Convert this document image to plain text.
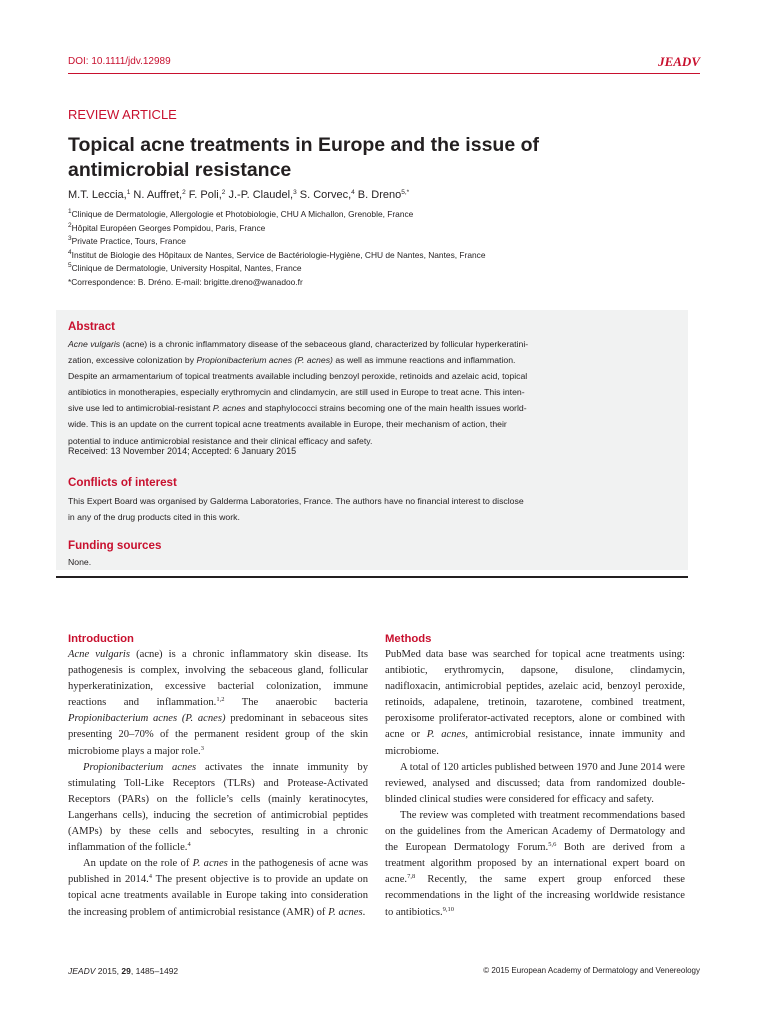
DOI: 10.1111/jdv.12989	JEADV
REVIEW ARTICLE
Topical acne treatments in Europe and the issue of antimicrobial resistance
M.T. Leccia,$^1$ N. Auffret,$^2$ F. Poli,$^2$ J.-P. Claudel,$^3$ S. Corvec,$^4$ B. Dreno$^{5,*}$
$^1$Clinique de Dermatologie, Allergologie et Photobiologie, CHU A Michallon, Grenoble, France
$^2$Hôpital Européen Georges Pompidou, Paris, France
$^3$Private Practice, Tours, France
$^4$Institut de Biologie des Hôpitaux de Nantes, Service de Bactériologie-Hygiène, CHU de Nantes, Nantes, France
$^5$Clinique de Dermatologie, University Hospital, Nantes, France
*Correspondence: B. Dréno. E-mail: brigitte.dreno@wanadoo.fr
Abstract
Acne vulgaris (acne) is a chronic inflammatory disease of the sebaceous gland, characterized by follicular hyperkeratini-
zation, excessive colonization by Propionibacterium acnes (P. acnes) as well as immune reactions and inflammation.
Despite an armamentarium of topical treatments available including benzoyl peroxide, retinoids and azelaic acid, topical
antibiotics in monotherapies, especially erythromycin and clindamycin, are still used in Europe to treat acne. This inten-
sive use led to antimicrobial-resistant P. acnes and staphylococci strains becoming one of the main health issues world-
wide. This is an update on the current topical acne treatments available in Europe, their mechanism of action, their
potential to induce antimicrobial resistance and their clinical efficacy and safety.
Received: 13 November 2014; Accepted: 6 January 2015
Conflicts of interest
This Expert Board was organised by Galderma Laboratories, France. The authors have no financial interest to disclose
in any of the drug products cited in this work.
Funding sources
None.
Introduction

Acne vulgaris (acne) is a chronic inflammatory skin disease. Its pathogenesis is complex, involving the sebaceous gland, follicular hyperkeratinization, excessive bacterial colonization, immune reactions and inflammation.$^{1,2}$ The anaerobic bacteria Propionibacterium acnes (P. acnes) predominant in sebaceous sites presenting 20–70% of the permanent resident group of the skin microbiome plays a major role.$^3$

Propionibacterium acnes activates the innate immunity by stimulating Toll-Like Receptors (TLRs) and Protease-Activated Receptors (PARs) on the follicle’s cells (mainly keratinocytes, Langerhans cells), inducing the secretion of antimicrobial peptides (AMPs) by these cells and sebocytes, resulting in a chronic inflammation of the follicle.$^4$

An update on the role of P. acnes in the pathogenesis of acne was published in 2014.$^4$ The present objective is to provide an update on topical acne treatments available in Europe taking into consideration the increasing problem of antimicrobial resistance (AMR) of P. acnes.

Methods

PubMed data base was searched for topical acne treatments using: antibiotic, erythromycin, dapsone, disulone, clindamycin, nadifloxacin, antimicrobial peptides, azelaic acid, benzoyl peroxide, retinoids, adapalene, tretinoin, tazarotene, combined treatment, peroxisome proliferator-activated receptors, alone or combined with acne or P. acnes, antimicrobial resistance, innate immunity and microbiome.

A total of 120 articles published between 1970 and June 2014 were reviewed, analysed and discussed; data from randomized double-blinded clinical studies were considered for efficacy and safety.

The review was completed with treatment recommendations based on the guidelines from the American Academy of Dermatology and the European Dermatology Forum.$^{5,6}$ Both are derived from a treatment algorithm proposed by an international expert board on acne.$^{7,8}$ Recently, the same expert group enforced these recommendations in the light of the increasing worldwide resistance to antibiotics.$^{9,10}$

JEADV 2015, 29, 1485–1492	© 2015 European Academy of Dermatology and Venereology
